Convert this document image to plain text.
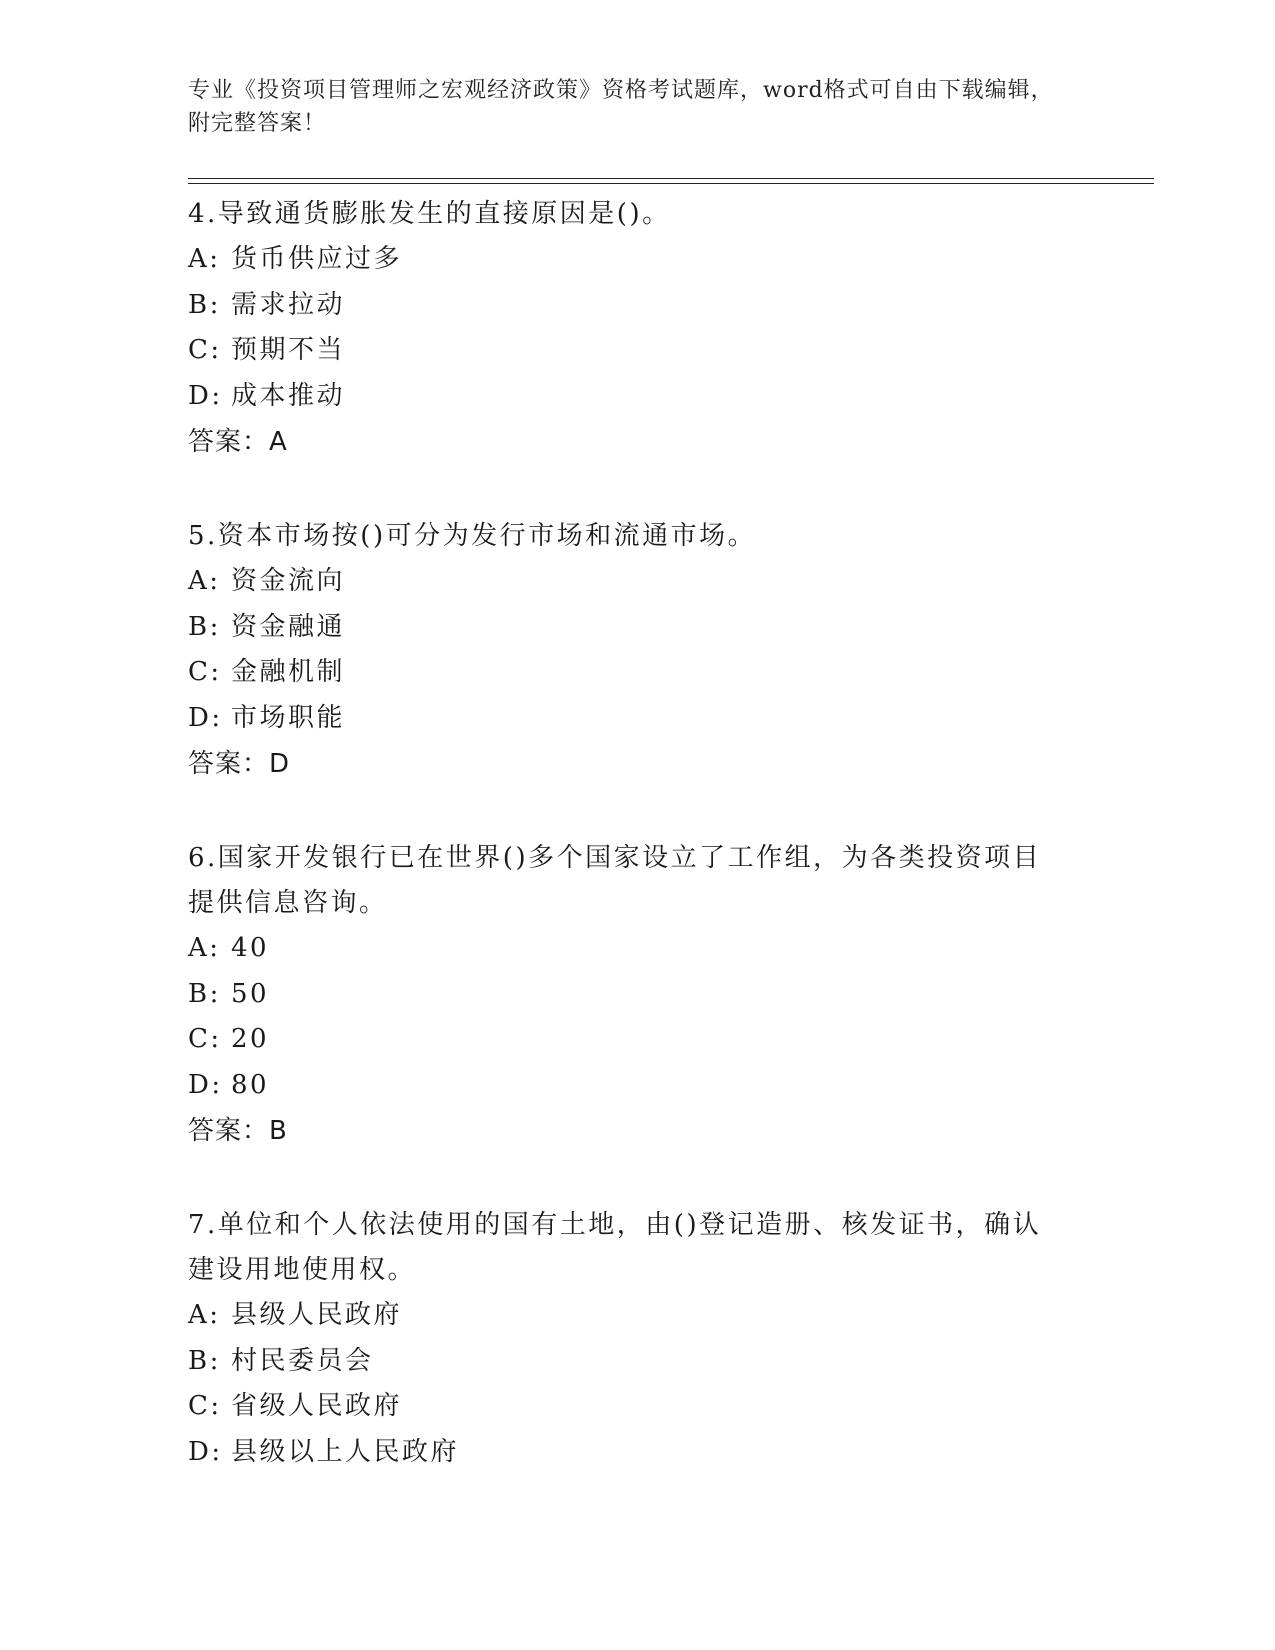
专业《投资项目管理师之宏观经济政策》资格考试题库，word格式可自由下载编辑，附完整答案！

4.导致通货膨胀发生的直接原因是()。

A: 货币供应过多

B: 需求拉动

C: 预期不当

D: 成本推动

答案：A

5.资本市场按()可分为发行市场和流通市场。

A: 资金流向

B: 资金融通

C: 金融机制

D: 市场职能

答案：D

6.国家开发银行已在世界()多个国家设立了工作组，为各类投资项目提供信息咨询。

A: 40

B: 50

C: 20

D: 80

答案：B

7.单位和个人依法使用的国有土地，由()登记造册、核发证书，确认建设用地使用权。

A: 县级人民政府

B: 村民委员会

C: 省级人民政府

D: 县级以上人民政府
